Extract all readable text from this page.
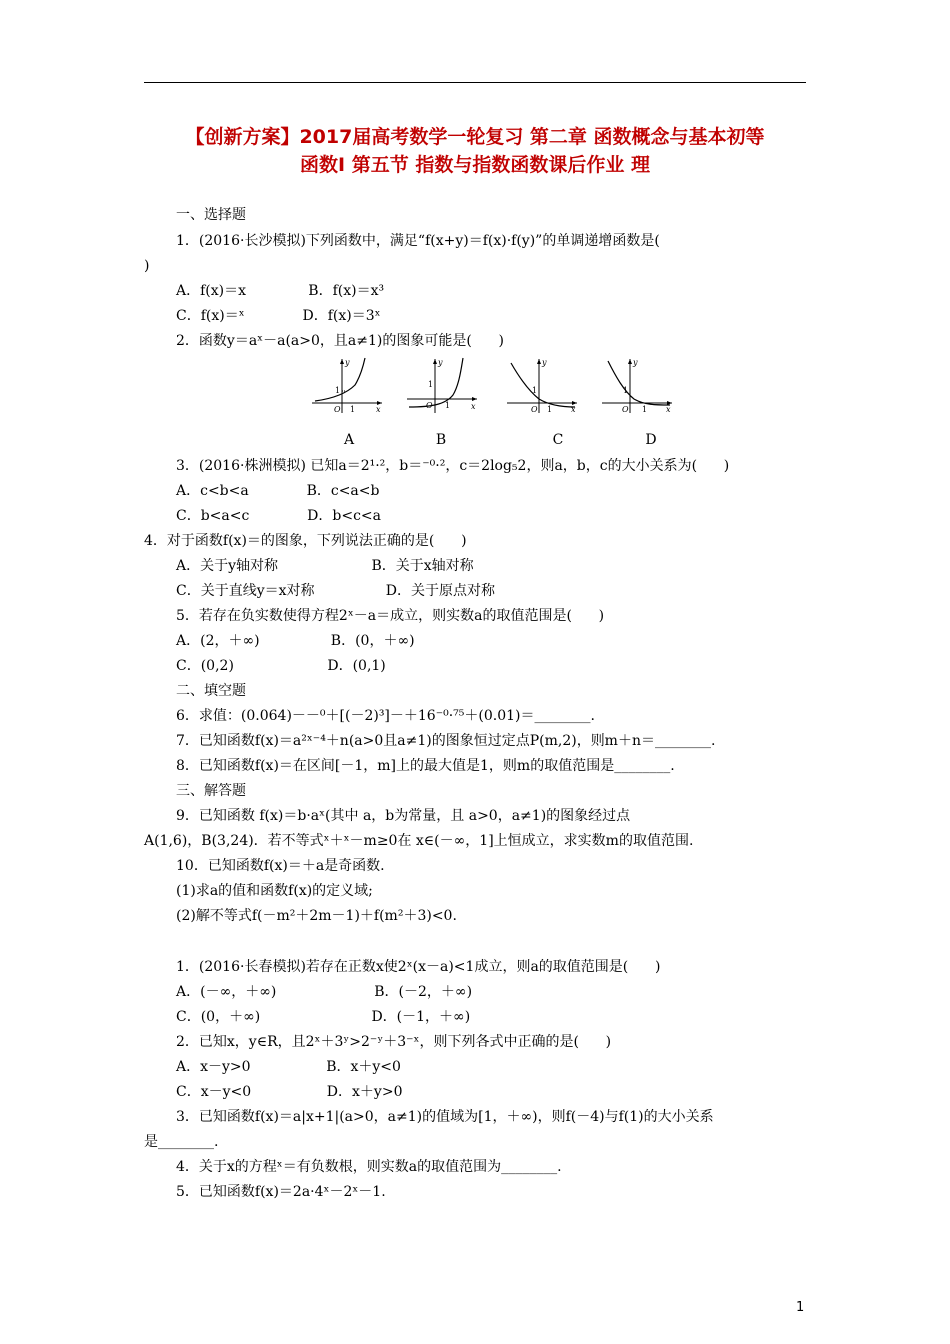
【创新方案】2017届高考数学一轮复习 第二章 函数概念与基本初等
函数Ⅰ 第五节 指数与指数函数课后作业 理
一、选择题
1．(2016·长沙模拟)下列函数中，满足“f(x+y)＝f(x)·f(y)”的单调递增函数是(
)
A．f(x)＝x              B．f(x)＝x³
C．f(x)＝ˣ             D．f(x)＝3ˣ
2．函数y＝aˣ－a(a>0，且a≠1)的图象可能是(      )
3．(2016·株洲模拟) 已知a＝2¹·²，b＝⁻⁰·²，c＝2log₅2，则a，b，c的大小关系为(      )
A．c<b<a             B．c<a<b
C．b<a<c             D．b<c<a
4．对于函数f(x)＝的图象，下列说法正确的是(      )
A．关于y轴对称                     B．关于x轴对称
C．关于直线y＝x对称                D．关于原点对称
5．若存在负实数使得方程2ˣ－a＝成立，则实数a的取值范围是(      )
A．(2，＋∞)                B．(0，＋∞)
C．(0,2)                     D．(0,1)
二、填空题
6．求值：(0.064)－－⁰＋[(－2)³]－＋16⁻⁰·⁷⁵＋(0.01)＝________.
7．已知函数f(x)＝a²ˣ⁻⁴＋n(a>0且a≠1)的图象恒过定点P(m,2)，则m＋n＝________.
8．已知函数f(x)＝在区间[－1，m]上的最大值是1，则m的取值范围是________.
三、解答题
9．已知函数 f(x)＝b·aˣ(其中 a，b为常量，且 a>0，a≠1)的图象经过点
A(1,6)，B(3,24)．若不等式ˣ＋ˣ－m≥0在 x∈(－∞，1]上恒成立，求实数m的取值范围.
10．已知函数f(x)＝＋a是奇函数.
(1)求a的值和函数f(x)的定义域;
(2)解不等式f(－m²＋2m－1)＋f(m²＋3)<0.
1．(2016·长春模拟)若存在正数x使2ˣ(x－a)<1成立，则a的取值范围是(      )
A．(－∞，＋∞)                      B．(－2，＋∞)
C．(0，＋∞)                         D．(－1，＋∞)
2．已知x，y∈R，且2ˣ＋3ʸ>2⁻ʸ＋3⁻ˣ，则下列各式中正确的是(      )
A．x－y>0                 B．x＋y<0
C．x－y<0                 D．x＋y>0
3．已知函数f(x)＝a|x+1|(a>0，a≠1)的值域为[1，＋∞)，则f(－4)与f(1)的大小关系
是________.
4．关于x的方程ˣ＝有负数根，则实数a的取值范围为________.
5．已知函数f(x)＝2a·4ˣ－2ˣ－1.
y
x
O 1
1
y
x
O 1
1
y
x
O 1
1
y
x
O 1
1
A	B	C	D
1
